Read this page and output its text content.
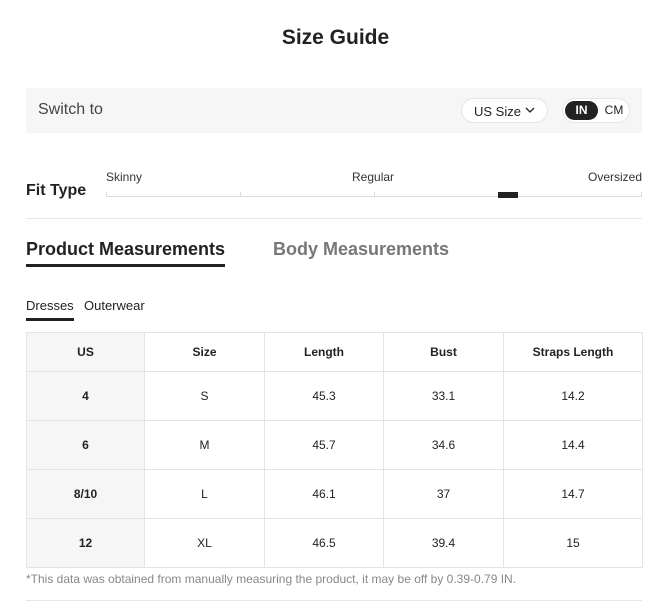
Size Guide
Switch to	US Size	IN	CM
Fit Type
Skinny	Regular	Oversized
Product Measurements	Body Measurements
Dresses Outerwear
US	Size	Length	Bust	Straps Length
4	S	45.3	33.1	14.2
6	M	45.7	34.6	14.4
8/10	L	46.1	37	14.7
12	XL	46.5	39.4	15
*This data was obtained from manually measuring the product, it may be off by 0.39-0.79 IN.
